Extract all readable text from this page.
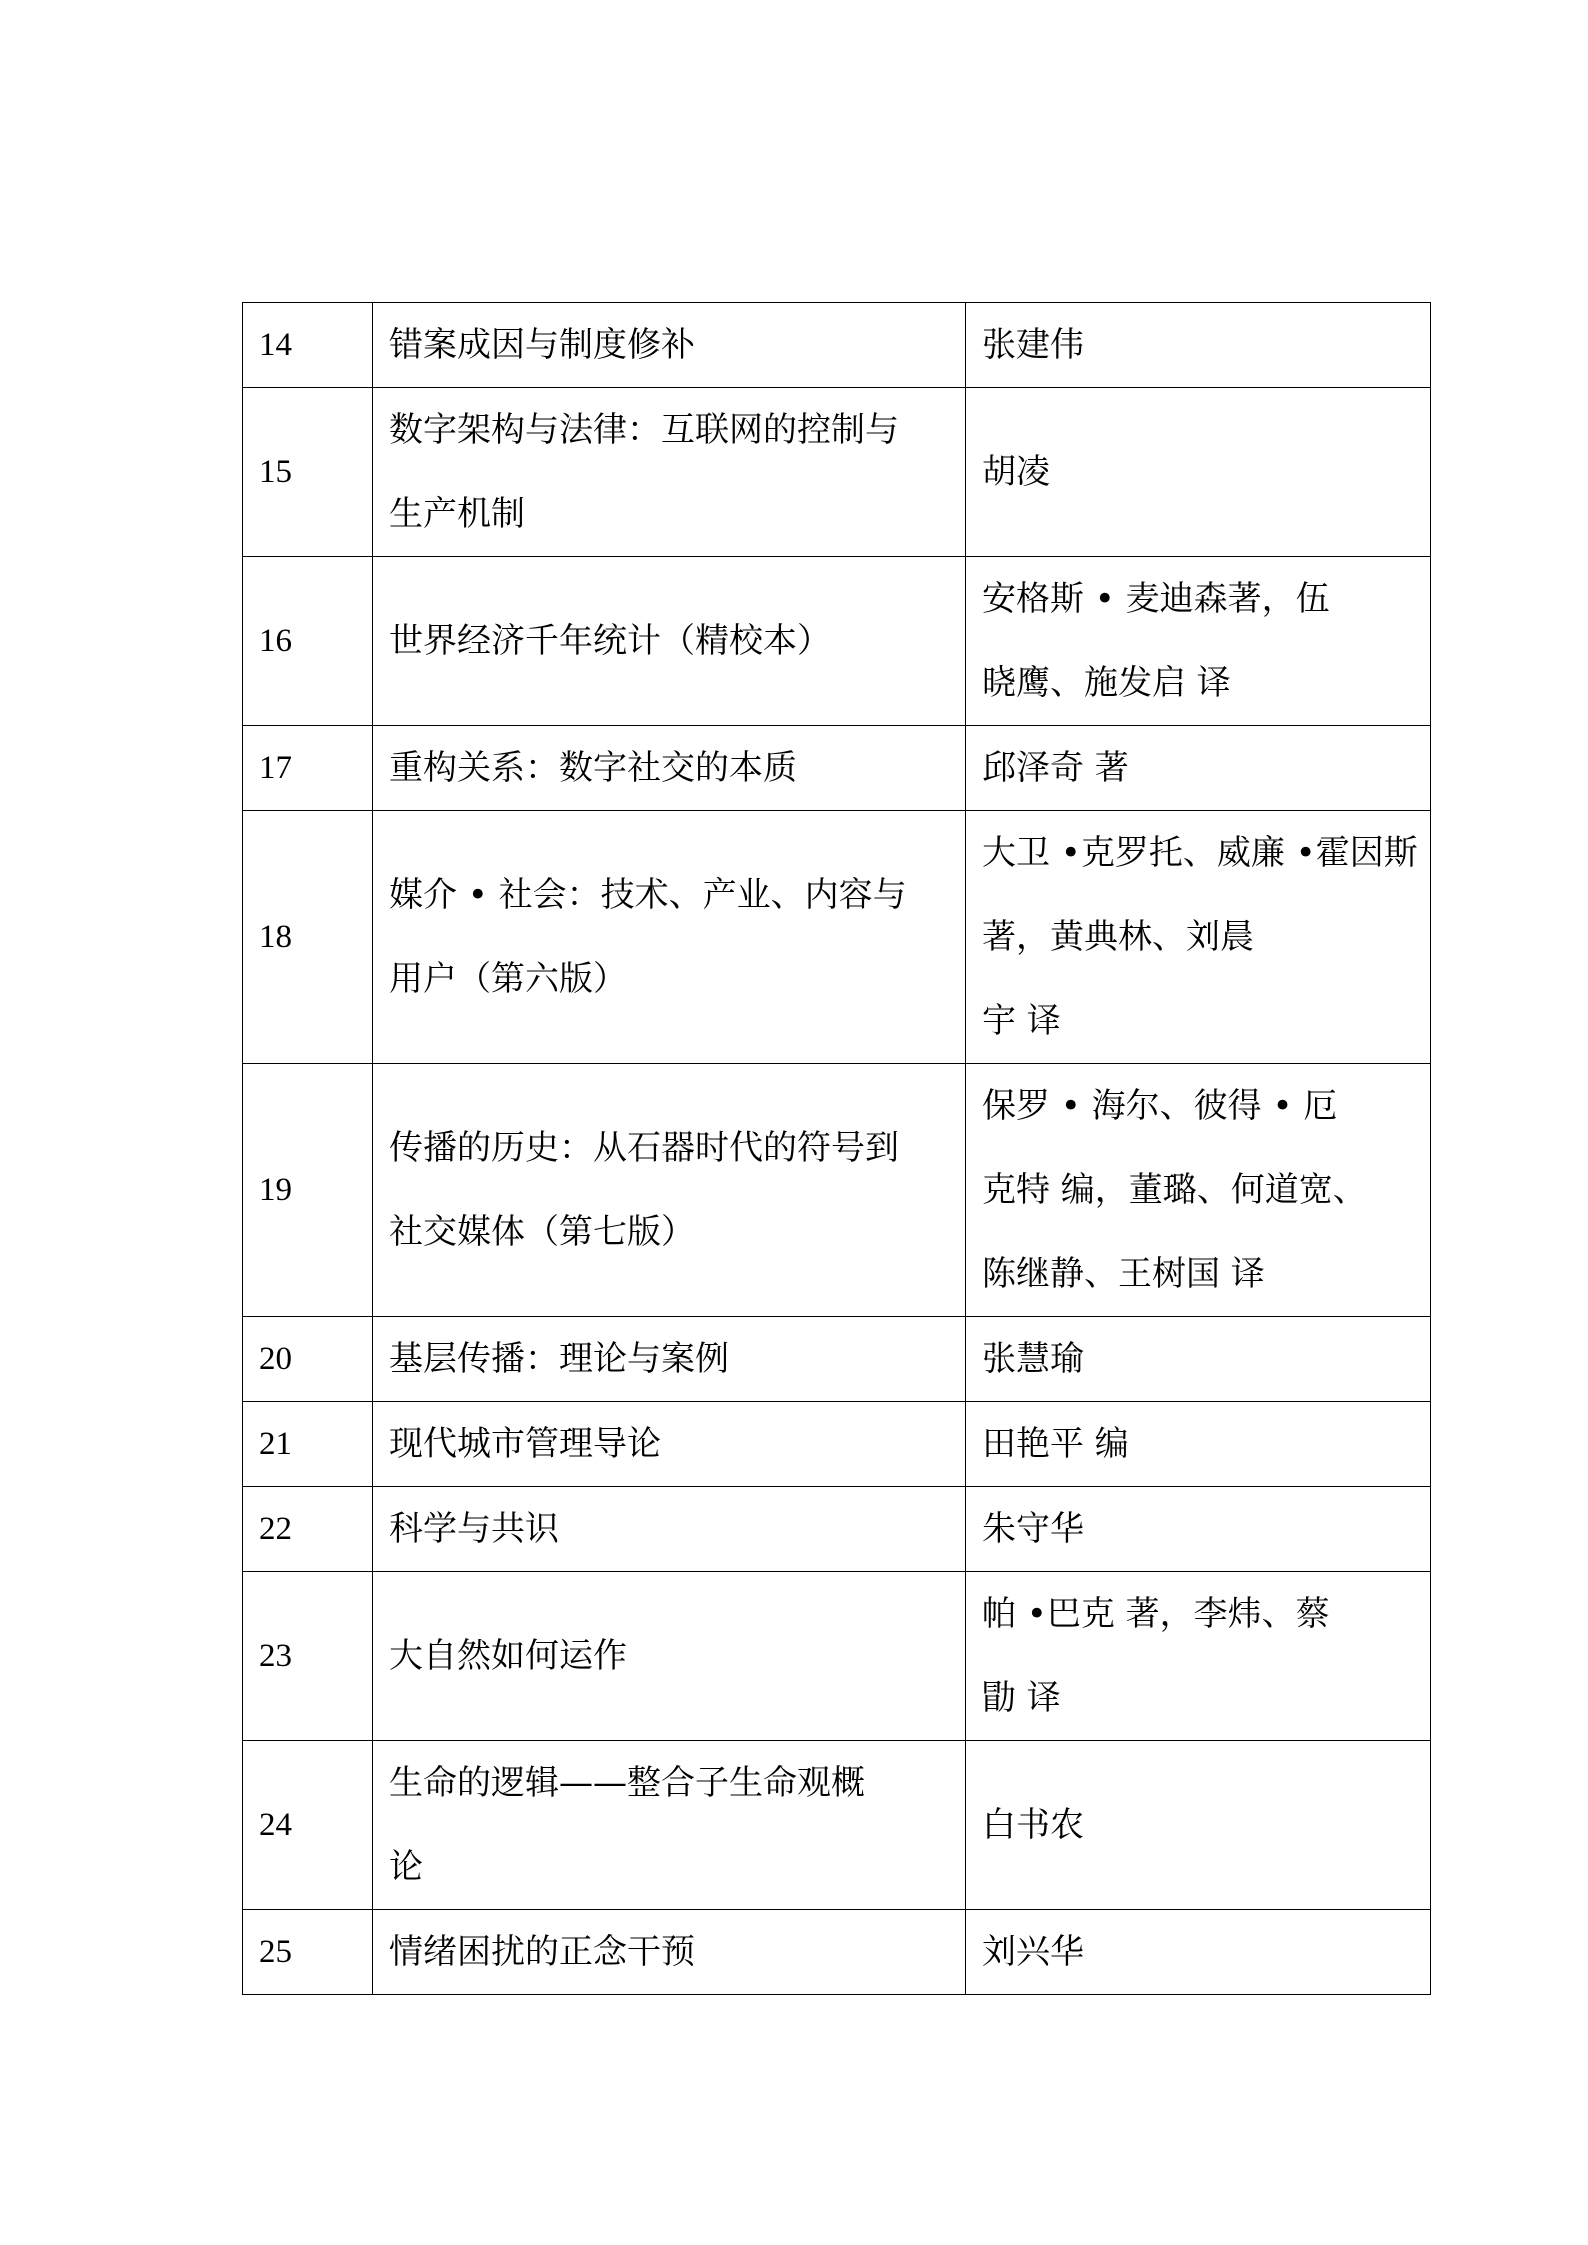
14	错案成因与制度修补	张建伟

15	数字架构与法律：互联网的控制与
生产机制	胡凌

16	世界经济千年统计（精校本）	安格斯 • 麦迪森著，伍
晓鹰、施发启 译

17	重构关系：数字社交的本质	邱泽奇 著

18	媒介 • 社会：技术、产业、内容与
用户（第六版）	大卫 •克罗托、威廉 •霍因斯
著，黄典林、刘晨
宇 译

19	传播的历史：从石器时代的符号到
社交媒体（第七版）	保罗 • 海尔、彼得 • 厄
克特 编，董璐、何道宽、
陈继静、王树国 译

20	基层传播：理论与案例	张慧瑜

21	现代城市管理导论	田艳平 编

22	科学与共识	朱守华

23	大自然如何运作	帕 •巴克 著，李炜、蔡
勖 译

24	生命的逻辑——整合子生命观概
论	白书农

25	情绪困扰的正念干预	刘兴华
